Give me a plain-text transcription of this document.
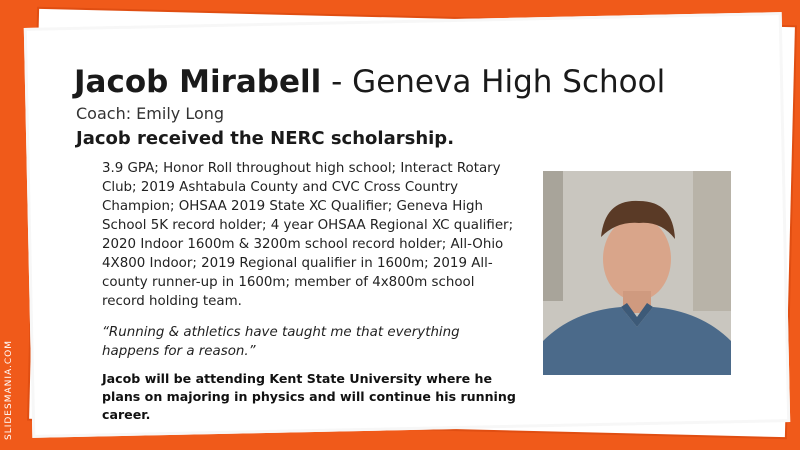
Jacob Mirabell - Geneva High School
Coach: Emily Long
Jacob received the NERC scholarship.
3.9 GPA; Honor Roll throughout high school; Interact Rotary Club; 2019 Ashtabula County and CVC Cross Country Champion; OHSAA 2019 State XC Qualifier; Geneva High School 5K record holder; 4 year OHSAA Regional XC qualifier; 2020 Indoor 1600m & 3200m school record holder; All-Ohio 4X800 Indoor; 2019 Regional qualifier in 1600m; 2019 All-county runner-up in 1600m; member of 4x800m school record holding team.
“Running & athletics have taught me that everything happens for a reason.”
Jacob will be attending Kent State University where he plans on majoring in physics and will continue his running career.
SLIDESMANIA.COM
